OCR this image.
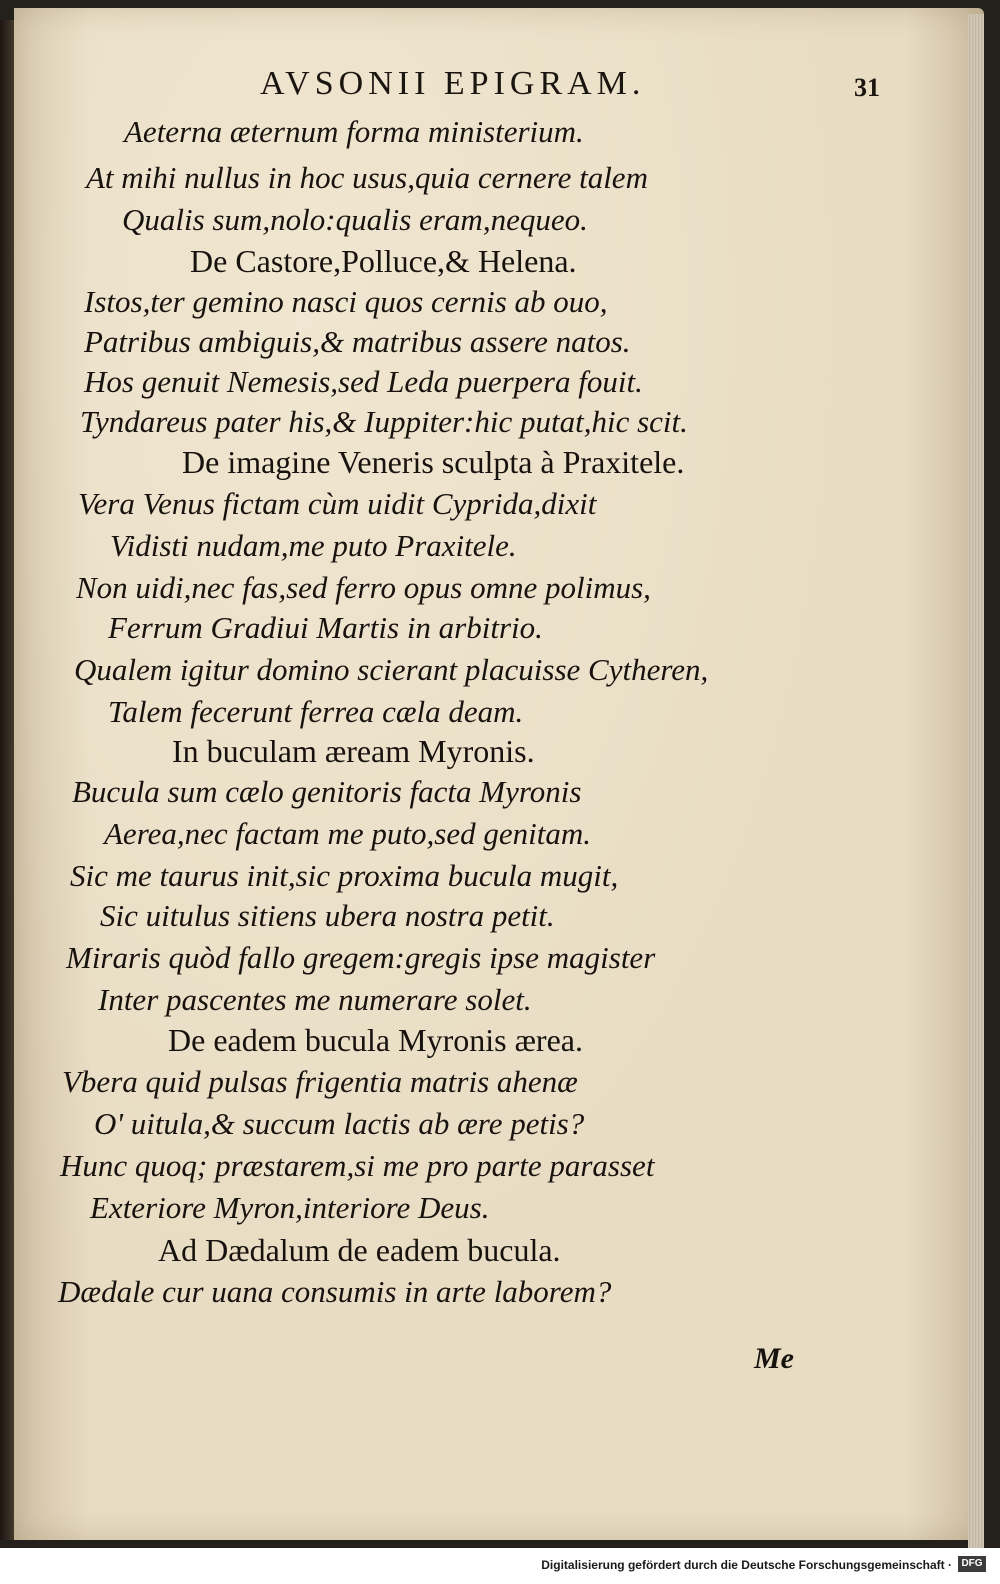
AVSONII EPIGRAM.	31
Aeterna æternum forma ministerium.
At mihi nullus in hoc usus,quia cernere talem
Qualis sum,nolo:qualis eram,nequeo.
De Castore,Polluce,& Helena.
Istos,ter gemino nasci quos cernis ab ouo,
Patribus ambiguis,& matribus assere natos.
Hos genuit Nemesis,sed Leda puerpera fouit.
Tyndareus pater his,& Iuppiter:hic putat,hic scit.
De imagine Veneris sculpta à Praxitele.
Vera Venus fictam cùm uidit Cyprida,dixit
Vidisti nudam,me puto Praxitele.
Non uidi,nec fas,sed ferro opus omne polimus,
Ferrum Gradiui Martis in arbitrio.
Qualem igitur domino scierant placuisse Cytheren,
Talem fecerunt ferrea cæla deam.
In buculam æream Myronis.
Bucula sum cælo genitoris facta Myronis
Aerea,nec factam me puto,sed genitam.
Sic me taurus init,sic proxima bucula mugit,
Sic uitulus sitiens ubera nostra petit.
Miraris quòd fallo gregem:gregis ipse magister
Inter pascentes me numerare solet.
De eadem bucula Myronis ærea.
Vbera quid pulsas frigentia matris ahenæ
O' uitula,& succum lactis ab ære petis?
Hunc quoq; præstarem,si me pro parte parasset
Exteriore Myron,interiore Deus.
Ad Dædalum de eadem bucula.
Dædale cur uana consumis in arte laborem?
Me
Digitalisierung gefördert durch die Deutsche Forschungsgemeinschaft · DFG
